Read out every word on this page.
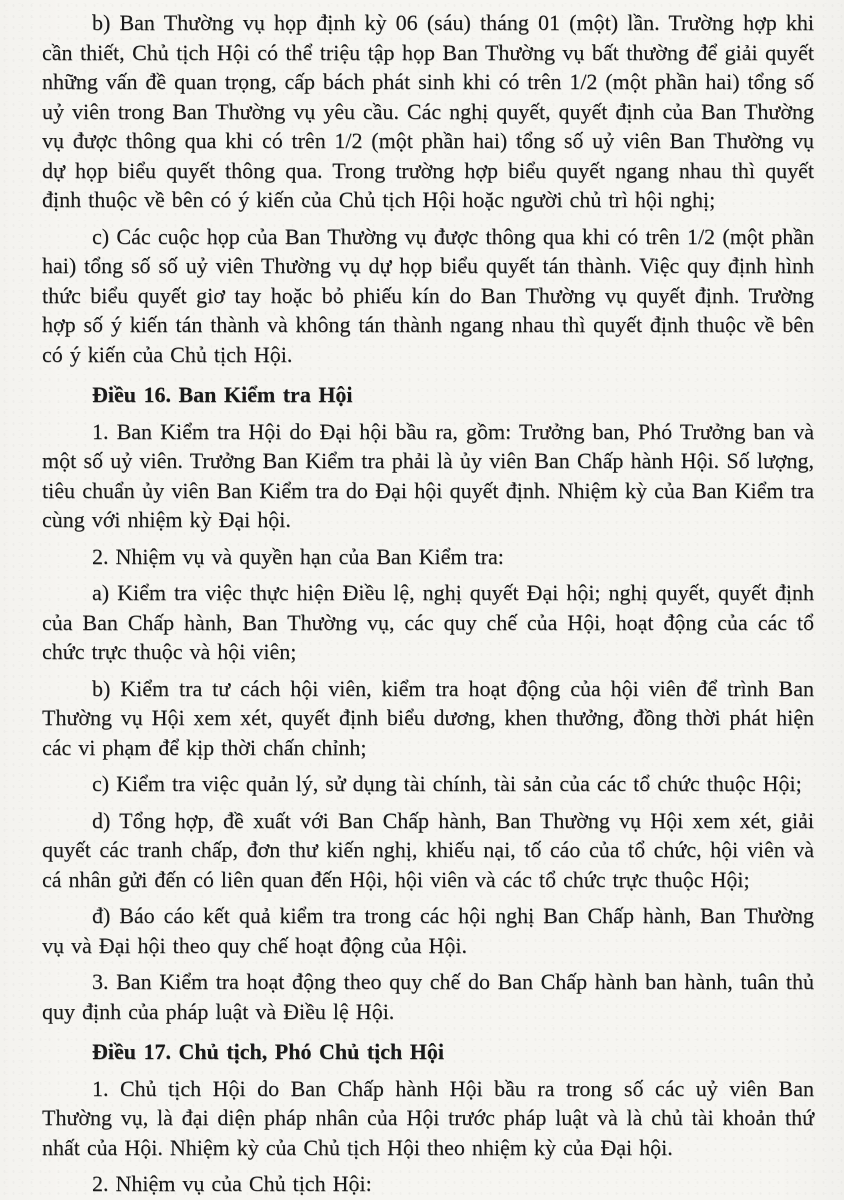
b) Ban Thường vụ họp định kỳ 06 (sáu) tháng 01 (một) lần. Trường hợp khi cần thiết, Chủ tịch Hội có thể triệu tập họp Ban Thường vụ bất thường để giải quyết những vấn đề quan trọng, cấp bách phát sinh khi có trên 1/2 (một phần hai) tổng số uỷ viên trong Ban Thường vụ yêu cầu. Các nghị quyết, quyết định của Ban Thường vụ được thông qua khi có trên 1/2 (một phần hai) tổng số uỷ viên Ban Thường vụ dự họp biểu quyết thông qua. Trong trường hợp biểu quyết ngang nhau thì quyết định thuộc về bên có ý kiến của Chủ tịch Hội hoặc người chủ trì hội nghị;

c) Các cuộc họp của Ban Thường vụ được thông qua khi có trên 1/2 (một phần hai) tổng số số uỷ viên Thường vụ dự họp biểu quyết tán thành. Việc quy định hình thức biểu quyết giơ tay hoặc bỏ phiếu kín do Ban Thường vụ quyết định. Trường hợp số ý kiến tán thành và không tán thành ngang nhau thì quyết định thuộc về bên có ý kiến của Chủ tịch Hội.

Điều 16. Ban Kiểm tra Hội

1. Ban Kiểm tra Hội do Đại hội bầu ra, gồm: Trưởng ban, Phó Trưởng ban và một số uỷ viên. Trưởng Ban Kiểm tra phải là ủy viên Ban Chấp hành Hội. Số lượng, tiêu chuẩn ủy viên Ban Kiểm tra do Đại hội quyết định. Nhiệm kỳ của Ban Kiểm tra cùng với nhiệm kỳ Đại hội.

2. Nhiệm vụ và quyền hạn của Ban Kiểm tra:

a) Kiểm tra việc thực hiện Điều lệ, nghị quyết Đại hội; nghị quyết, quyết định của Ban Chấp hành, Ban Thường vụ, các quy chế của Hội, hoạt động của các tổ chức trực thuộc và hội viên;

b) Kiểm tra tư cách hội viên, kiểm tra hoạt động của hội viên để trình Ban Thường vụ Hội xem xét, quyết định biểu dương, khen thưởng, đồng thời phát hiện các vi phạm để kịp thời chấn chỉnh;

c) Kiểm tra việc quản lý, sử dụng tài chính, tài sản của các tổ chức thuộc Hội;

d) Tổng hợp, đề xuất với Ban Chấp hành, Ban Thường vụ Hội xem xét, giải quyết các tranh chấp, đơn thư kiến nghị, khiếu nại, tố cáo của tổ chức, hội viên và cá nhân gửi đến có liên quan đến Hội, hội viên và các tổ chức trực thuộc Hội;

đ) Báo cáo kết quả kiểm tra trong các hội nghị Ban Chấp hành, Ban Thường vụ và Đại hội theo quy chế hoạt động của Hội.

3. Ban Kiểm tra hoạt động theo quy chế do Ban Chấp hành ban hành, tuân thủ quy định của pháp luật và Điều lệ Hội.

Điều 17. Chủ tịch, Phó Chủ tịch Hội

1. Chủ tịch Hội do Ban Chấp hành Hội bầu ra trong số các uỷ viên Ban Thường vụ, là đại diện pháp nhân của Hội trước pháp luật và là chủ tài khoản thứ nhất của Hội. Nhiệm kỳ của Chủ tịch Hội theo nhiệm kỳ của Đại hội.

2. Nhiệm vụ của Chủ tịch Hội:
